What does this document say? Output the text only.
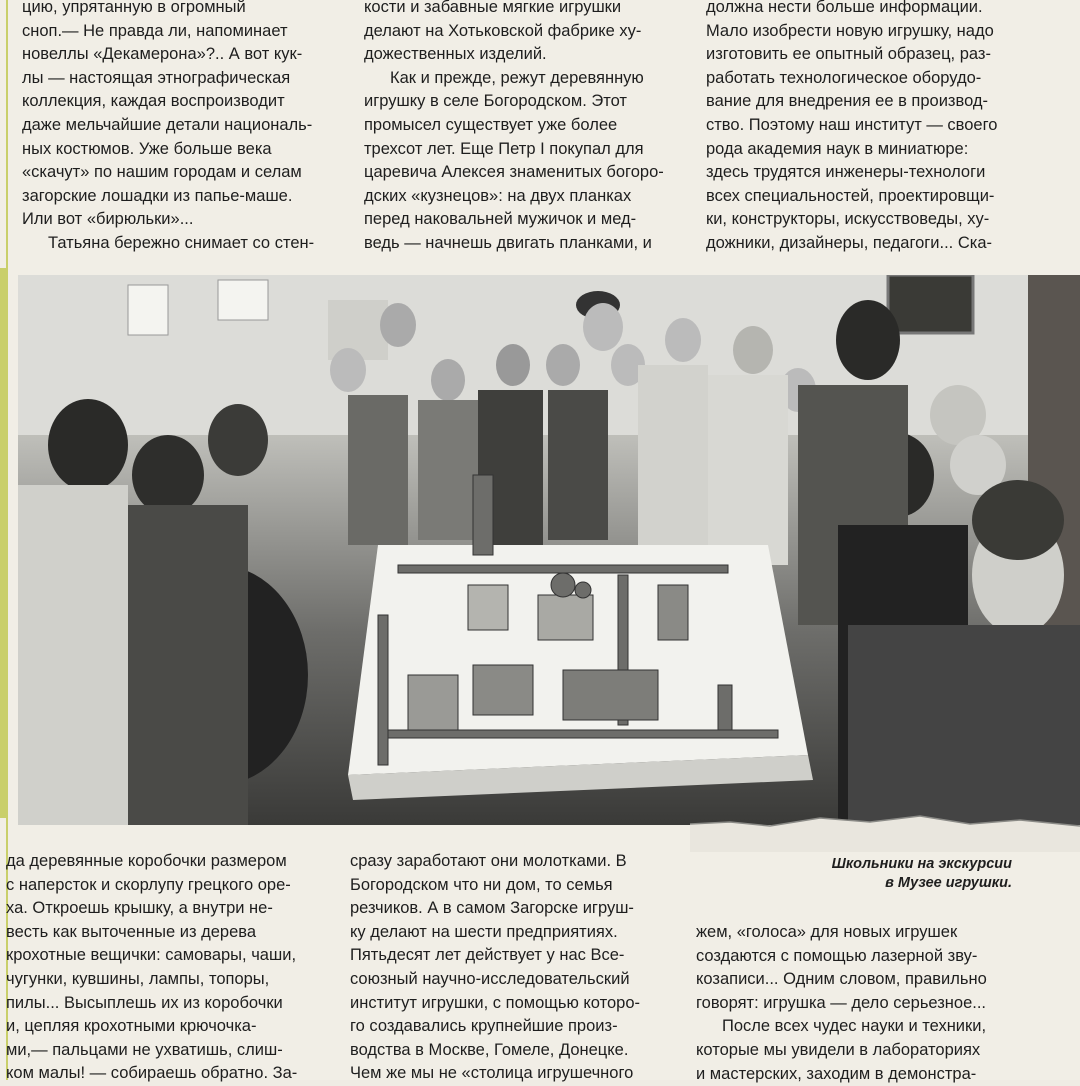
цию, упрятанную в огромный

сноп.— Не правда ли, напоминает

новеллы «Декамерона»?.. А вот кук-

лы — настоящая этнографическая

коллекция, каждая воспроизводит

даже мельчайшие детали националь-

ных костюмов. Уже больше века

«скачут» по нашим городам и селам

загорские лошадки из папье-маше.

Или вот «бирюльки»...

Татьяна бережно снимает со стен-

кости и забавные мягкие игрушки

делают на Хотьковской фабрике ху-

дожественных изделий.

Как и прежде, режут деревянную

игрушку в селе Богородском. Этот

промысел существует уже более

трехсот лет. Еще Петр I покупал для

царевича Алексея знаменитых богоро-

дских «кузнецов»: на двух планках

перед наковальней мужичок и мед-

ведь — начнешь двигать планками, и

должна нести больше информации.

Мало изобрести новую игрушку, надо

изготовить ее опытный образец, раз-

работать технологическое оборудо-

вание для внедрения ее в производ-

ство. Поэтому наш институт — своего

рода академия наук в миниатюре:

здесь трудятся инженеры-технологи

всех специальностей, проектировщи-

ки, конструкторы, искусствоведы, ху-

дожники, дизайнеры, педагоги... Ска-

Школьники на экскурсии
в Музее игрушки.

да деревянные коробочки размером

с наперсток и скорлупу грецкого оре-

ха. Откроешь крышку, а внутри не-

весть как выточенные из дерева

крохотные вещички: самовары, чаши,

чугунки, кувшины, лампы, топоры,

пилы... Высыплешь их из коробочки

и, цепляя крохотными крючочка-

ми,— пальцами не ухватишь, слиш-

ком малы! — собираешь обратно. За-

сразу заработают они молотками. В

Богородском что ни дом, то семья

резчиков. А в самом Загорске игруш-

ку делают на шести предприятиях.

Пятьдесят лет действует у нас Все-

союзный научно-исследовательский

институт игрушки, с помощью которо-

го создавались крупнейшие произ-

водства в Москве, Гомеле, Донецке.

Чем же мы не «столица игрушечного

жем, «голоса» для новых игрушек

создаются с помощью лазерной зву-

козаписи... Одним словом, правильно

говорят: игрушка — дело серьезное...

После всех чудес науки и техники,

которые мы увидели в лабораториях

и мастерских, заходим в демонстра-
